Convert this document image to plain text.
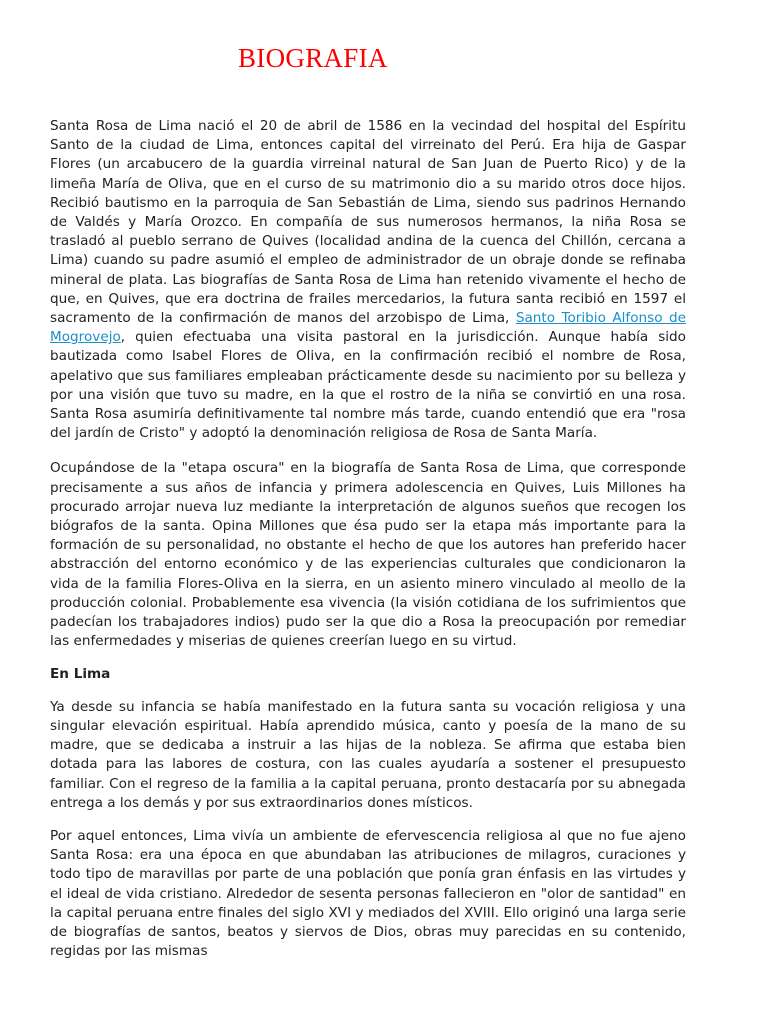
BIOGRAFIA

Santa Rosa de Lima nació el 20 de abril de 1586 en la vecindad del hospital del Espíritu Santo de la ciudad de Lima, entonces capital del virreinato del Perú. Era hija de Gaspar Flores (un arcabucero de la guardia virreinal natural de San Juan de Puerto Rico) y de la limeña María de Oliva, que en el curso de su matrimonio dio a su marido otros doce hijos. Recibió bautismo en la parroquia de San Sebastián de Lima, siendo sus padrinos Hernando de Valdés y María Orozco. En compañía de sus numerosos hermanos, la niña Rosa se trasladó al pueblo serrano de Quives (localidad andina de la cuenca del Chillón, cercana a Lima) cuando su padre asumió el empleo de administrador de un obraje donde se refinaba mineral de plata. Las biografías de Santa Rosa de Lima han retenido vivamente el hecho de que, en Quives, que era doctrina de frailes mercedarios, la futura santa recibió en 1597 el sacramento de la confirmación de manos del arzobispo de Lima, Santo Toribio Alfonso de Mogrovejo, quien efectuaba una visita pastoral en la jurisdicción. Aunque había sido bautizada como Isabel Flores de Oliva, en la confirmación recibió el nombre de Rosa, apelativo que sus familiares empleaban prácticamente desde su nacimiento por su belleza y por una visión que tuvo su madre, en la que el rostro de la niña se convirtió en una rosa. Santa Rosa asumiría definitivamente tal nombre más tarde, cuando entendió que era "rosa del jardín de Cristo" y adoptó la denominación religiosa de Rosa de Santa María.

Ocupándose de la "etapa oscura" en la biografía de Santa Rosa de Lima, que corresponde precisamente a sus años de infancia y primera adolescencia en Quives, Luis Millones ha procurado arrojar nueva luz mediante la interpretación de algunos sueños que recogen los biógrafos de la santa. Opina Millones que ésa pudo ser la etapa más importante para la formación de su personalidad, no obstante el hecho de que los autores han preferido hacer abstracción del entorno económico y de las experiencias culturales que condicionaron la vida de la familia Flores-Oliva en la sierra, en un asiento minero vinculado al meollo de la producción colonial. Probablemente esa vivencia (la visión cotidiana de los sufrimientos que padecían los trabajadores indios) pudo ser la que dio a Rosa la preocupación por remediar las enfermedades y miserias de quienes creerían luego en su virtud.

En Lima

Ya desde su infancia se había manifestado en la futura santa su vocación religiosa y una singular elevación espiritual. Había aprendido música, canto y poesía de la mano de su madre, que se dedicaba a instruir a las hijas de la nobleza. Se afirma que estaba bien dotada para las labores de costura, con las cuales ayudaría a sostener el presupuesto familiar. Con el regreso de la familia a la capital peruana, pronto destacaría por su abnegada entrega a los demás y por sus extraordinarios dones místicos.

Por aquel entonces, Lima vivía un ambiente de efervescencia religiosa al que no fue ajeno Santa Rosa: era una época en que abundaban las atribuciones de milagros, curaciones y todo tipo de maravillas por parte de una población que ponía gran énfasis en las virtudes y el ideal de vida cristiano. Alrededor de sesenta personas fallecieron en "olor de santidad" en la capital peruana entre finales del siglo XVI y mediados del XVIII. Ello originó una larga serie de biografías de santos, beatos y siervos de Dios, obras muy parecidas en su contenido, regidas por las mismas
